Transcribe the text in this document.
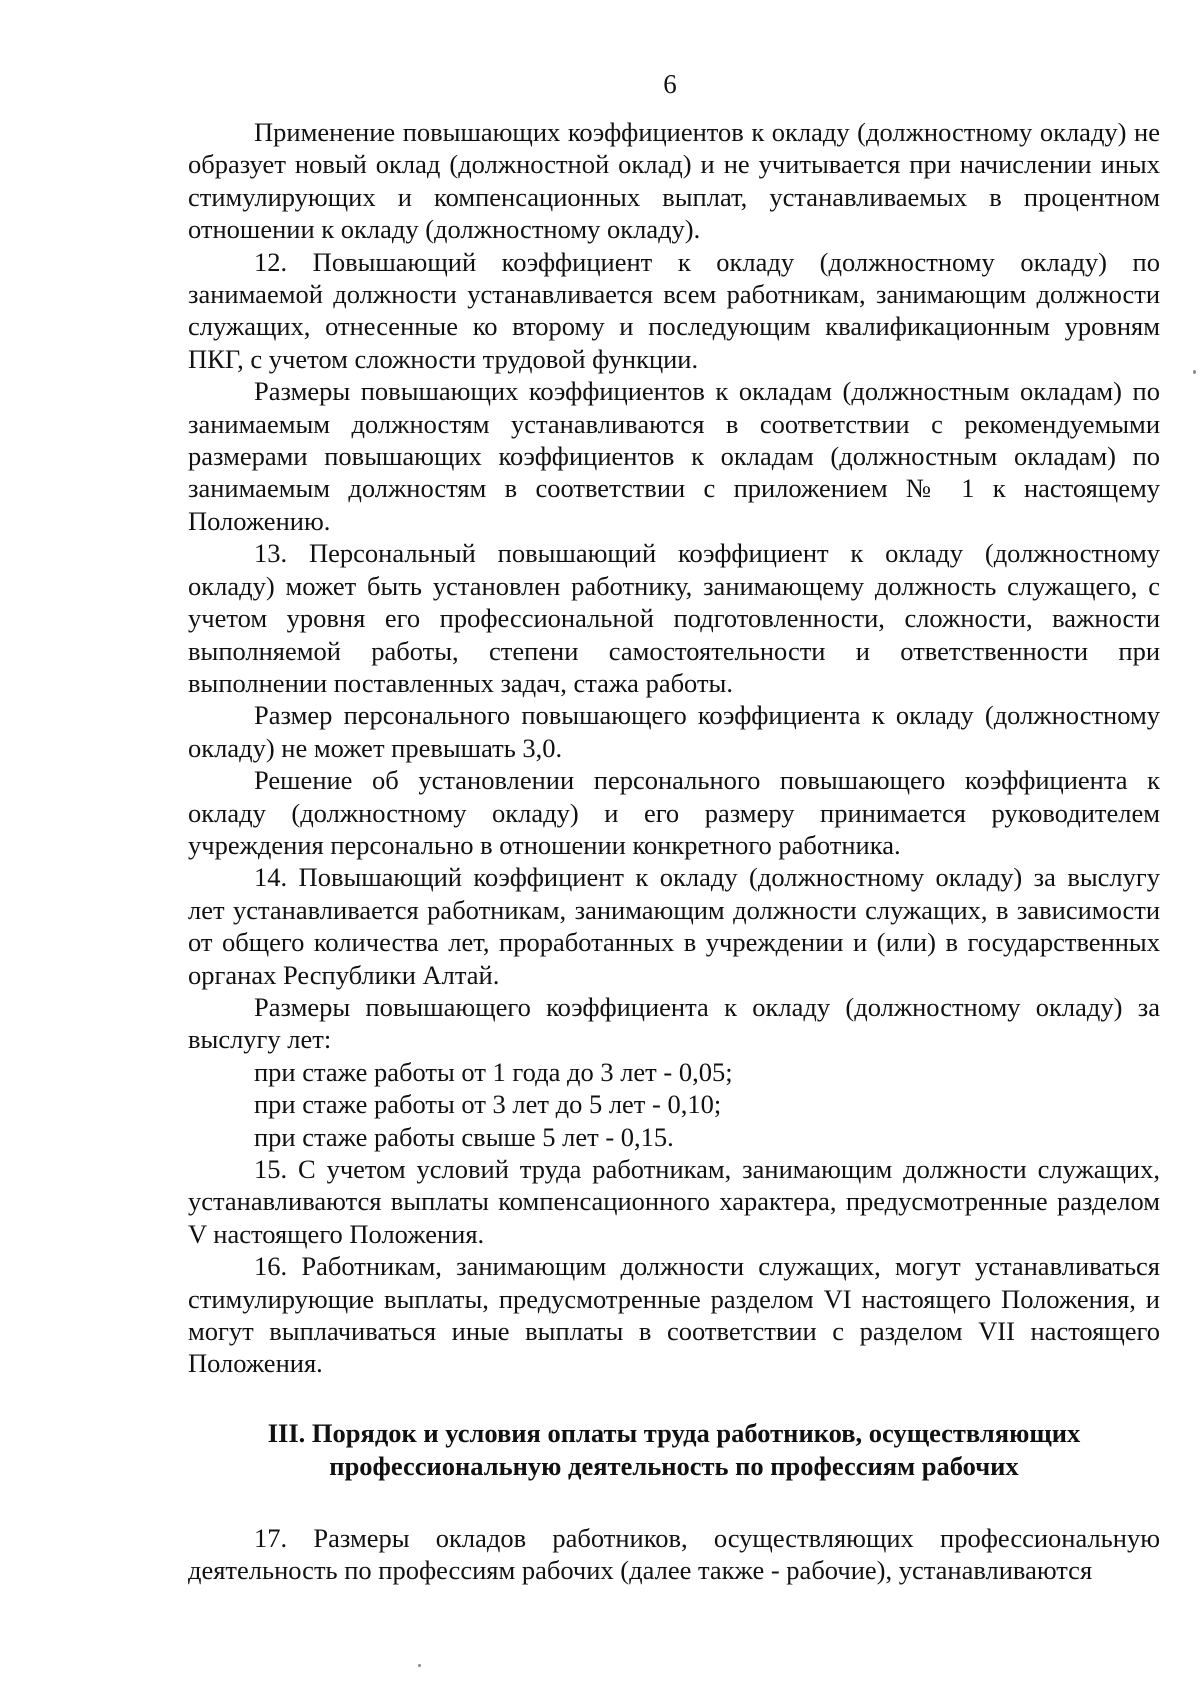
6

Применение повышающих коэффициентов к окладу (должностному окладу) не образует новый оклад (должностной оклад) и не учитывается при начислении иных стимулирующих и компенсационных выплат, устанавливаемых в процентном отношении к окладу (должностному окладу).

12. Повышающий коэффициент к окладу (должностному окладу) по занимаемой должности устанавливается всем работникам, занимающим должности служащих, отнесенные ко второму и последующим квалификационным уровням ПКГ, с учетом сложности трудовой функции.

Размеры повышающих коэффициентов к окладам (должностным окладам) по занимаемым должностям устанавливаются в соответствии с рекомендуемыми размерами повышающих коэффициентов к окладам (должностным окладам) по занимаемым должностям в соответствии с приложением № 1 к настоящему Положению.

13. Персональный повышающий коэффициент к окладу (должностному окладу) может быть установлен работнику, занимающему должность служащего, с учетом уровня его профессиональной подготовленности, сложности, важности выполняемой работы, степени самостоятельности и ответственности при выполнении поставленных задач, стажа работы.

Размер персонального повышающего коэффициента к окладу (должностному окладу) не может превышать 3,0.

Решение об установлении персонального повышающего коэффициента к окладу (должностному окладу) и его размеру принимается руководителем учреждения персонально в отношении конкретного работника.

14. Повышающий коэффициент к окладу (должностному окладу) за выслугу лет устанавливается работникам, занимающим должности служащих, в зависимости от общего количества лет, проработанных в учреждении и (или) в государственных органах Республики Алтай.

Размеры повышающего коэффициента к окладу (должностному окладу) за выслугу лет:

при стаже работы от 1 года до 3 лет - 0,05;

при стаже работы от 3 лет до 5 лет - 0,10;

при стаже работы свыше 5 лет - 0,15.

15. С учетом условий труда работникам, занимающим должности служащих, устанавливаются выплаты компенсационного характера, предусмотренные разделом V настоящего Положения.

16. Работникам, занимающим должности служащих, могут устанавливаться стимулирующие выплаты, предусмотренные разделом VI настоящего Положения, и могут выплачиваться иные выплаты в соответствии с разделом VII настоящего Положения.

III. Порядок и условия оплаты труда работников, осуществляющих
профессиональную деятельность по профессиям рабочих

17. Размеры окладов работников, осуществляющих профессиональную деятельность по профессиям рабочих (далее также - рабочие), устанавливаются
